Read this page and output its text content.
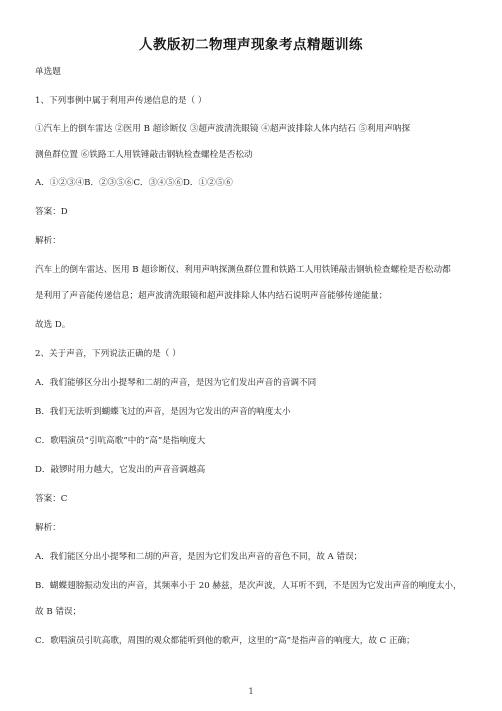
人教版初二物理声现象考点精题训练
单选题
1、下列事例中属于利用声传递信息的是（ ）
①汽车上的倒车雷达 ②医用 B 超诊断仪 ③超声波清洗眼镜 ④超声波排除人体内结石 ⑤利用声呐探
测鱼群位置 ⑥铁路工人用铁锤敲击钢轨检查螺栓是否松动
A．①②③④B．②③⑤⑥C．③④⑤⑥D．①②⑤⑥
答案：D
解析：
汽车上的倒车雷达、医用 B 超诊断仪、利用声呐探测鱼群位置和铁路工人用铁锤敲击钢轨检查螺栓是否松动都
是利用了声音能传递信息；超声波清洗眼镜和超声波排除人体内结石说明声音能够传递能量；
故选 D。
2、关于声音，下列说法正确的是（ ）
A．我们能够区分出小提琴和二胡的声音，是因为它们发出声音的音调不同
B．我们无法听到蝴蝶飞过的声音，是因为它发出的声音的响度太小
C．歌唱演员“引吭高歌”中的“高”是指响度大
D．敲锣时用力越大，它发出的声音音调越高
答案：C
解析：
A．我们能区分出小提琴和二胡的声音，是因为它们发出声音的音色不同，故 A 错误；
B．蝴蝶翅膀振动发出的声音，其频率小于 20 赫兹，是次声波，人耳听不到，不是因为它发出声音的响度太小，
故 B 错误；
C．歌唱演员引吭高歌，周围的观众都能听到他的歌声，这里的“高”是指声音的响度大，故 C 正确；
1
